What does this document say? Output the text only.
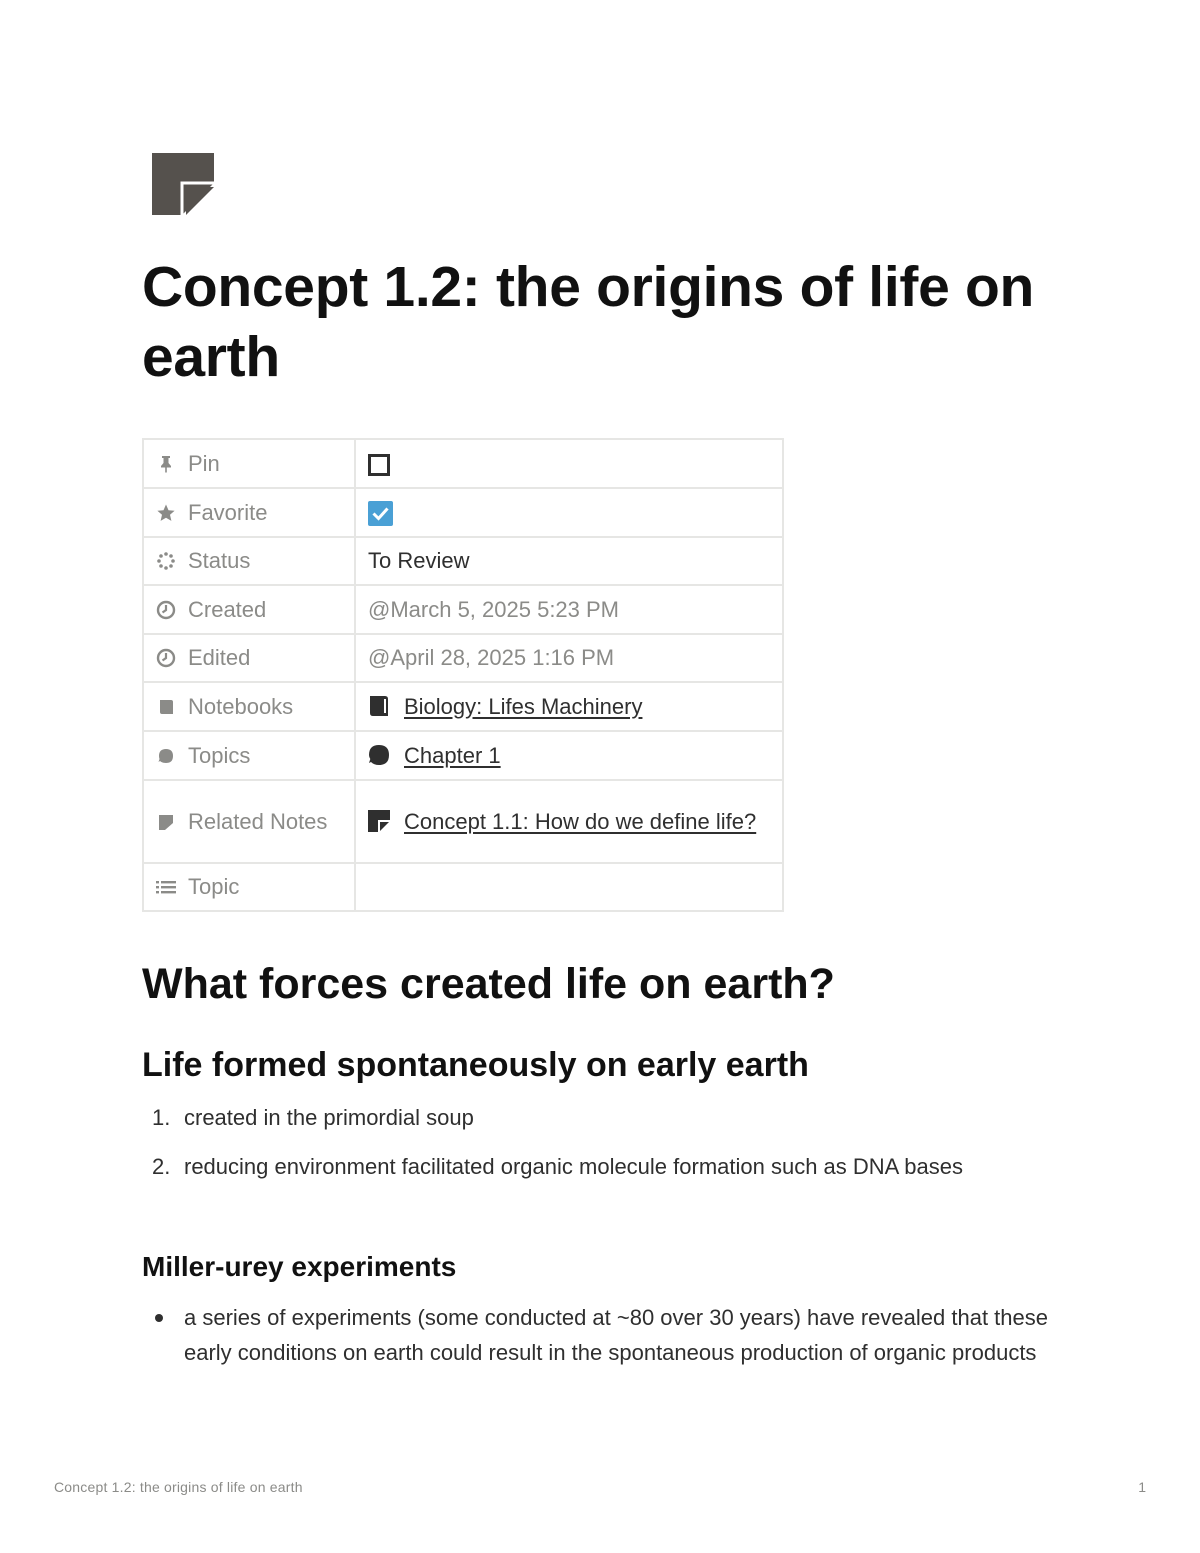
Concept 1.2: the origins of life on earth
Pin	

Favorite

Status	To Review

Created	@March 5, 2025 5:23 PM

Edited	@April 28, 2025 1:16 PM

Notebooks	Biology: Lifes Machinery

Topics	Chapter 1

Related Notes	Concept 1.1: How do we define life?

Topic	

What forces created life on earth?
Life formed spontaneously on early earth
1. created in the primordial soup
2. reducing environment facilitated organic molecule formation such as DNA bases
Miller-urey experiments
a series of experiments (some conducted at ~80 over 30 years) have revealed that these early conditions on earth could result in the spontaneous production of organic products
Concept 1.2: the origins of life on earth	1
